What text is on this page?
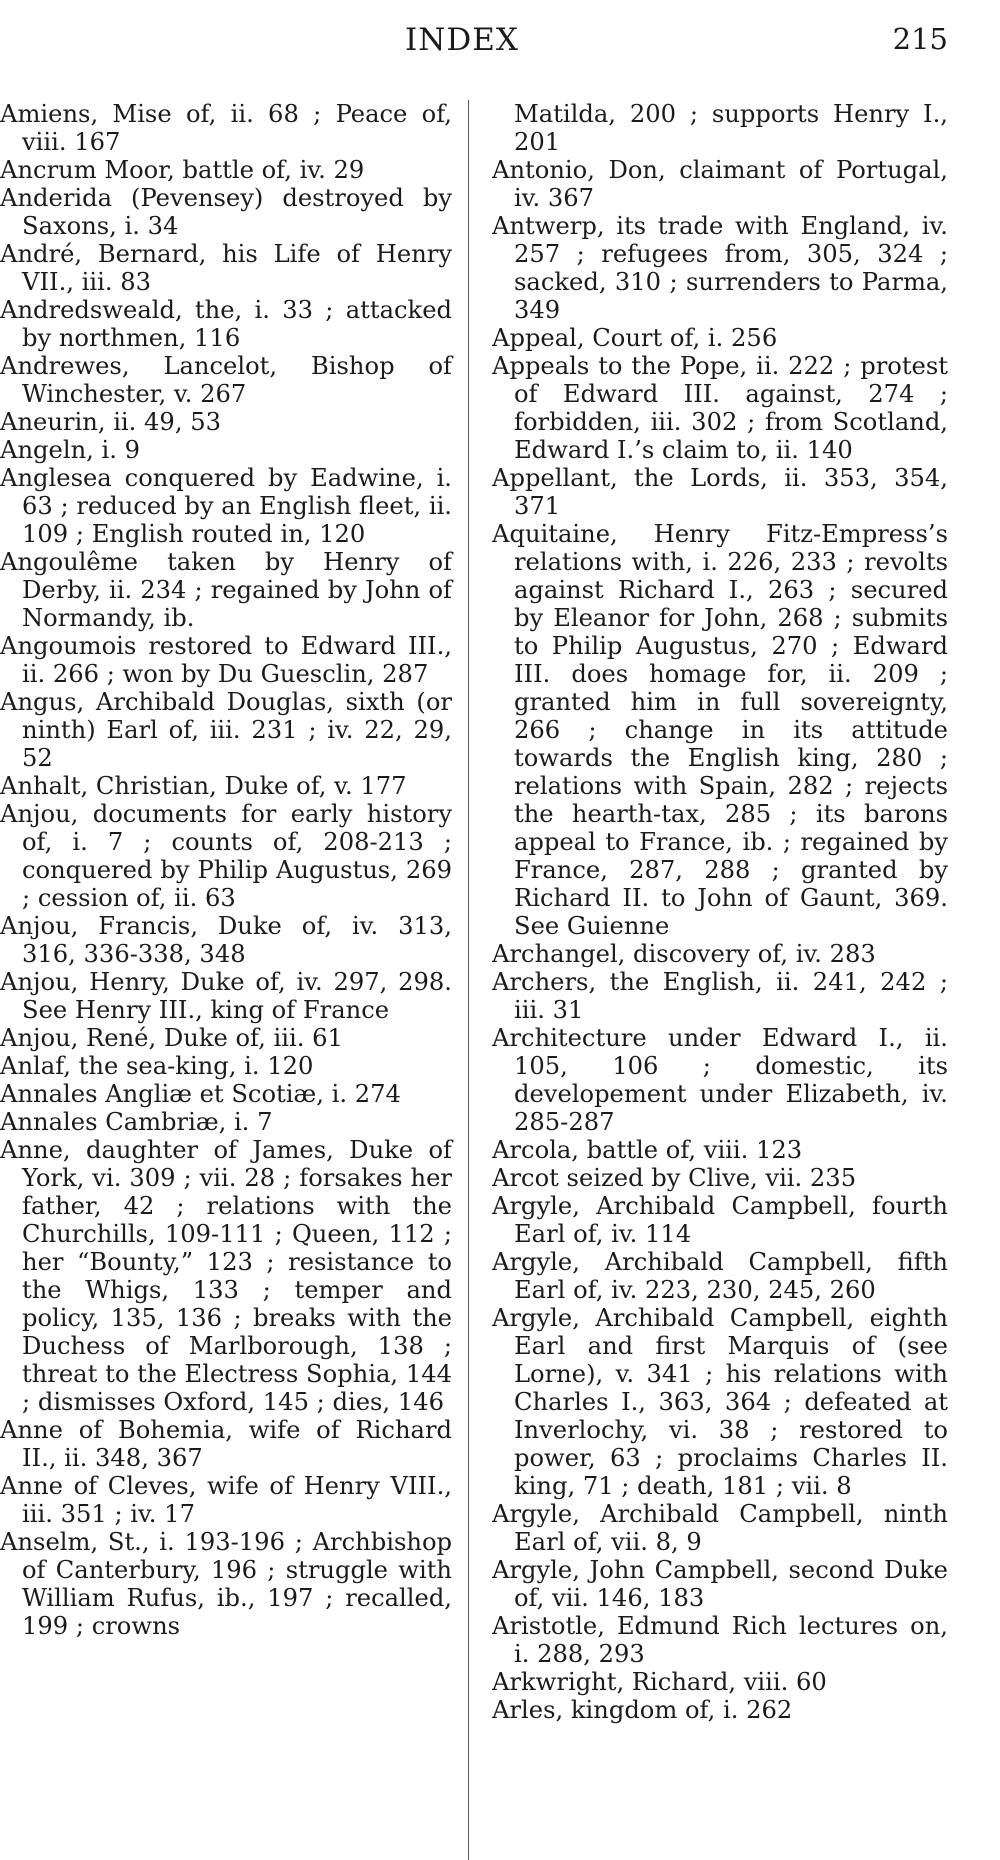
INDEX	215

Amiens, Mise of, ii. 68 ; Peace of, viii. 167

Ancrum Moor, battle of, iv. 29

Anderida (Pevensey) destroyed by Saxons, i. 34

André, Bernard, his Life of Henry VII., iii. 83

Andredsweald, the, i. 33 ; attacked by northmen, 116

Andrewes, Lancelot, Bishop of Winchester, v. 267

Aneurin, ii. 49, 53

Angeln, i. 9

Anglesea conquered by Eadwine, i. 63 ; reduced by an English fleet, ii. 109 ; English routed in, 120

Angoulême taken by Henry of Derby, ii. 234 ; regained by John of Normandy, ib.

Angoumois restored to Edward III., ii. 266 ; won by Du Guesclin, 287

Angus, Archibald Douglas, sixth (or ninth) Earl of, iii. 231 ; iv. 22, 29, 52

Anhalt, Christian, Duke of, v. 177

Anjou, documents for early history of, i. 7 ; counts of, 208-213 ; conquered by Philip Augustus, 269 ; cession of, ii. 63

Anjou, Francis, Duke of, iv. 313, 316, 336-338, 348

Anjou, Henry, Duke of, iv. 297, 298. See Henry III., king of France

Anjou, René, Duke of, iii. 61

Anlaf, the sea-king, i. 120

Annales Angliæ et Scotiæ, i. 274

Annales Cambriæ, i. 7

Anne, daughter of James, Duke of York, vi. 309 ; vii. 28 ; forsakes her father, 42 ; relations with the Churchills, 109-111 ; Queen, 112 ; her “Bounty,” 123 ; resistance to the Whigs, 133 ; temper and policy, 135, 136 ; breaks with the Duchess of Marlborough, 138 ; threat to the Electress Sophia, 144 ; dismisses Oxford, 145 ; dies, 146

Anne of Bohemia, wife of Richard II., ii. 348, 367

Anne of Cleves, wife of Henry VIII., iii. 351 ; iv. 17

Anselm, St., i. 193-196 ; Archbishop of Canterbury, 196 ; struggle with William Rufus, ib., 197 ; recalled, 199 ; crowns

Matilda, 200 ; supports Henry I., 201

Antonio, Don, claimant of Portugal, iv. 367

Antwerp, its trade with England, iv. 257 ; refugees from, 305, 324 ; sacked, 310 ; surrenders to Parma, 349

Appeal, Court of, i. 256

Appeals to the Pope, ii. 222 ; protest of Edward III. against, 274 ; forbidden, iii. 302 ; from Scotland, Edward I.’s claim to, ii. 140

Appellant, the Lords, ii. 353, 354, 371

Aquitaine, Henry Fitz-Empress’s relations with, i. 226, 233 ; revolts against Richard I., 263 ; secured by Eleanor for John, 268 ; submits to Philip Augustus, 270 ; Edward III. does homage for, ii. 209 ; granted him in full sovereignty, 266 ; change in its attitude towards the English king, 280 ; relations with Spain, 282 ; rejects the hearth-tax, 285 ; its barons appeal to France, ib. ; regained by France, 287, 288 ; granted by Richard II. to John of Gaunt, 369. See Guienne

Archangel, discovery of, iv. 283

Archers, the English, ii. 241, 242 ; iii. 31

Architecture under Edward I., ii. 105, 106 ; domestic, its developement under Elizabeth, iv. 285-287

Arcola, battle of, viii. 123

Arcot seized by Clive, vii. 235

Argyle, Archibald Campbell, fourth Earl of, iv. 114

Argyle, Archibald Campbell, fifth Earl of, iv. 223, 230, 245, 260

Argyle, Archibald Campbell, eighth Earl and first Marquis of (see Lorne), v. 341 ; his relations with Charles I., 363, 364 ; defeated at Inverlochy, vi. 38 ; restored to power, 63 ; proclaims Charles II. king, 71 ; death, 181 ; vii. 8

Argyle, Archibald Campbell, ninth Earl of, vii. 8, 9

Argyle, John Campbell, second Duke of, vii. 146, 183

Aristotle, Edmund Rich lectures on, i. 288, 293

Arkwright, Richard, viii. 60

Arles, kingdom of, i. 262
